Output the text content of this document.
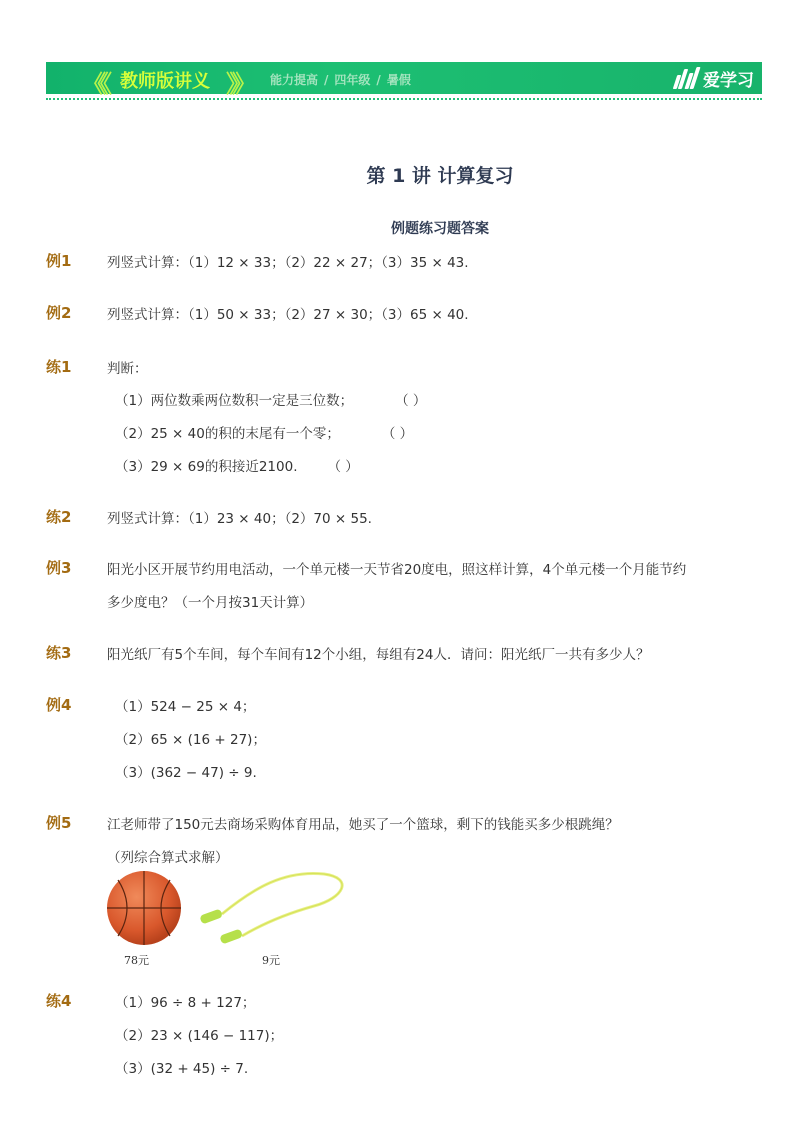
《《 教师版讲义 》》 能力提高 / 四年级 / 暑假	爱学习
第 1 讲 计算复习
例题练习题答案
例1	列竖式计算：（1）12 × 33；（2）22 × 27；（3）35 × 43.
例2	列竖式计算：（1）50 × 33；（2）27 × 30；（3）65 × 40.
练1	判断：
（1）两位数乘两位数积一定是三位数；	（ ）
（2）25 × 40的积的末尾有一个零；	（ ）
（3）29 × 69的积接近2100. （ ）
练2	列竖式计算：（1）23 × 40；（2）70 × 55.
例3	阳光小区开展节约用电活动，一个单元楼一天节省20度电，照这样计算，4个单元楼一个月能节约
多少度电？（一个月按31天计算）
练3	阳光纸厂有5个车间，每个车间有12个小组，每组有24人．请问：阳光纸厂一共有多少人？
例4	（1）524 − 25 × 4；
（2）65 × (16 + 27)；
（3）(362 − 47) ÷ 9.
例5	江老师带了150元去商场采购体育用品，她买了一个篮球，剩下的钱能买多少根跳绳？
（列综合算式求解）
78元	9元
练4	（1）96 ÷ 8 + 127；
（2）23 × (146 − 117)；
（3）(32 + 45) ÷ 7.
